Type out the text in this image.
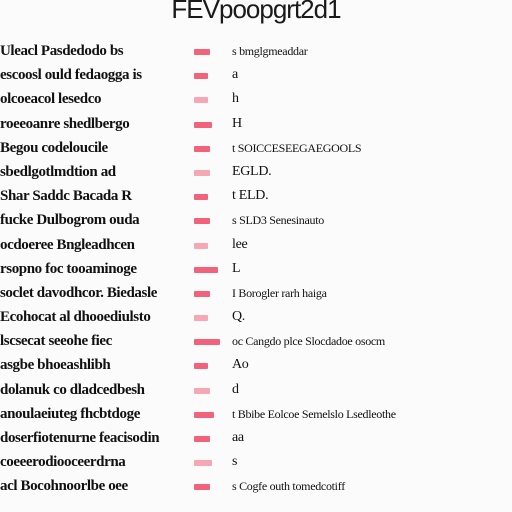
FEVpoopgrt2d1
Uleacl Pasdedodo bs	s bmglgmeaddar
escoosl ould fedaogga is	a
olcoeacol lesedco	h
roeeoanre shedlbergo	H
Begou codeloucile	t SOICCESEEGAEGOOLS
sbedlgotlmdtion ad	EGLD.
Shar Saddc Bacada R	t ELD.
fucke Dulbogrom ouda	s SLD3 Senesinauto
ocdoeree Bngleadhcen	lee
rsopno foc tooaminoge	L
soclet davodhcor. Biedasle	I Borogler rarh haiga
Ecohocat al dhooediulsto	Q.
lscsecat seeohe fiec	oc Cangdo plce Slocdadoe osocm
asgbe bhoeashlibh	Ao
dolanuk co dladcedbesh	d
anoulaeiuteg fhcbtdoge	t Bbibe Eolcoe Semelslo Lsedleothe
doserfiotenurne feacisodin	aa
coeeerodiooceerdrna	s
acl Bocohnoorlbe oee	s Cogfe outh tomedcotiff
